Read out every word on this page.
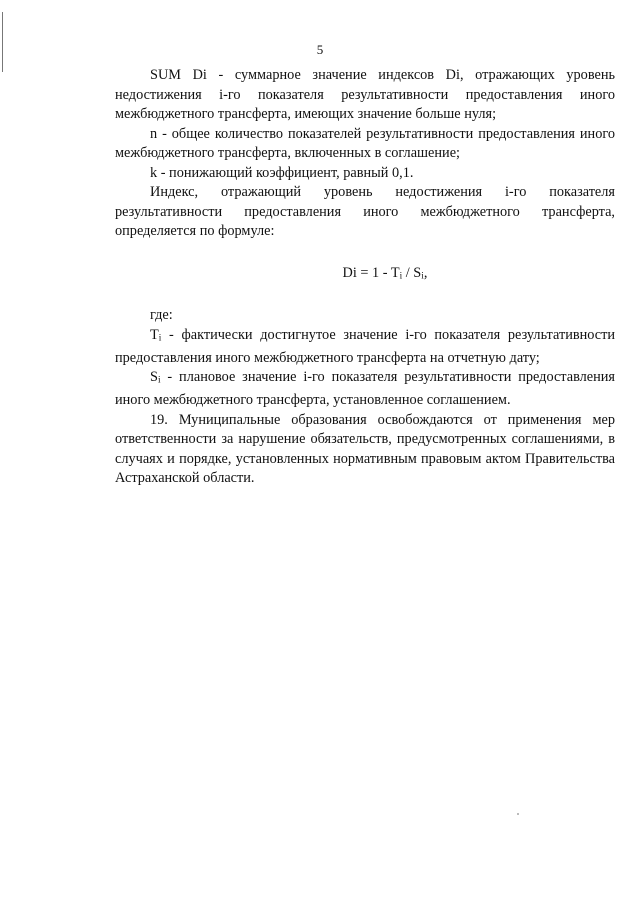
5

SUM Di - суммарное значение индексов Di, отражающих уровень недостижения i-го показателя результативности предоставления иного межбюджетного трансферта, имеющих значение больше нуля;

n - общее количество показателей результативности предоставления иного межбюджетного трансферта, включенных в соглашение;

k - понижающий коэффициент, равный 0,1.

Индекс, отражающий уровень недостижения i-го показателя результативности предоставления иного межбюджетного трансферта, определяется по формуле:

$Di = 1 - T_i / S_i$,

где:

$T_i$ - фактически достигнутое значение i-го показателя результативности предоставления иного межбюджетного трансферта на отчетную дату;

$S_i$ - плановое значение i-го показателя результативности предоставления иного межбюджетного трансферта, установленное соглашением.

19. Муниципальные образования освобождаются от применения мер ответственности за нарушение обязательств, предусмотренных соглашениями, в случаях и порядке, установленных нормативным правовым актом Правительства Астраханской области.
